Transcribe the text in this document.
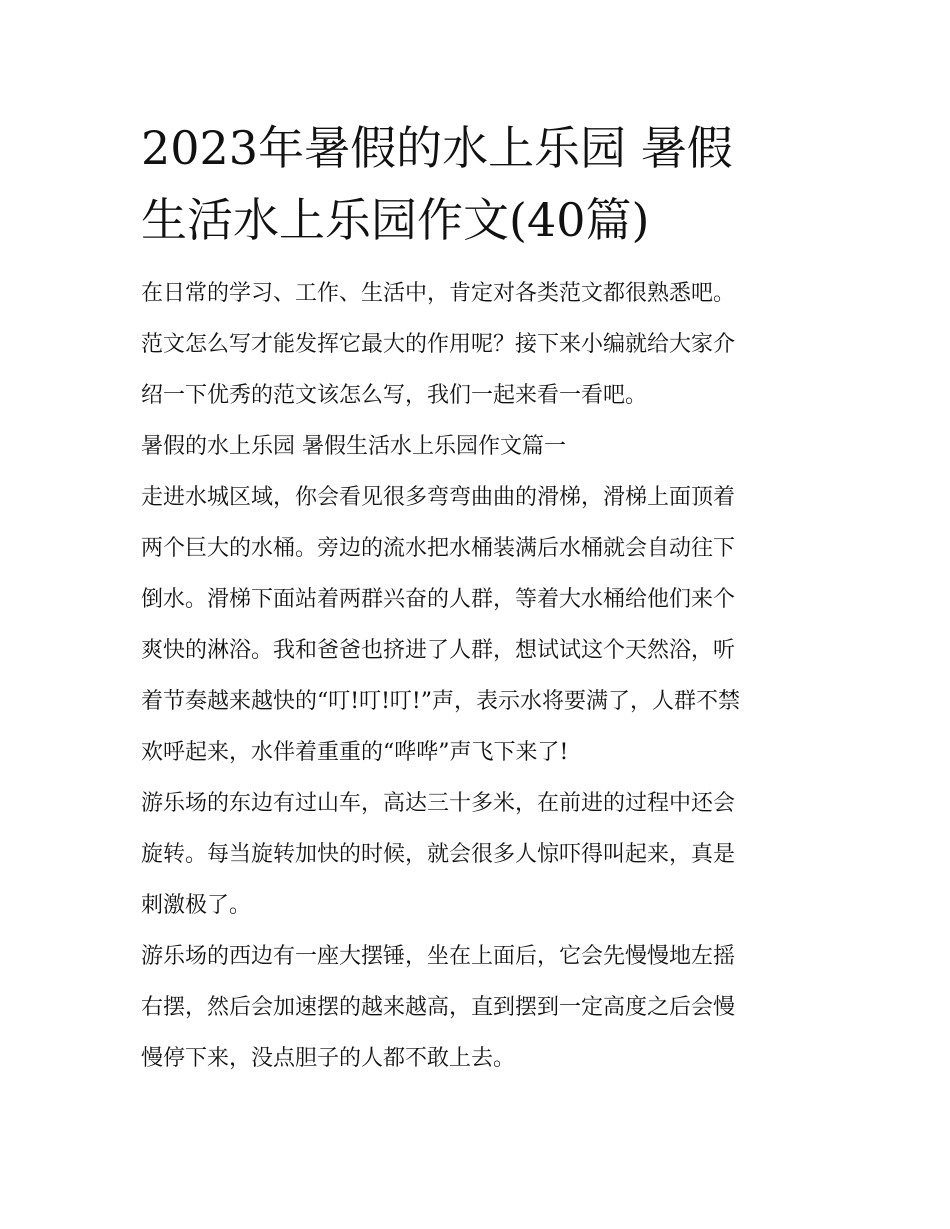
2023年暑假的水上乐园 暑假
生活水上乐园作文(40篇)

在日常的学习、工作、生活中，肯定对各类范文都很熟悉吧。
范文怎么写才能发挥它最大的作用呢？接下来小编就给大家介
绍一下优秀的范文该怎么写，我们一起来看一看吧。

暑假的水上乐园 暑假生活水上乐园作文篇一

走进水城区域，你会看见很多弯弯曲曲的滑梯，滑梯上面顶着
两个巨大的水桶。旁边的流水把水桶装满后水桶就会自动往下
倒水。滑梯下面站着两群兴奋的人群，等着大水桶给他们来个
爽快的淋浴。我和爸爸也挤进了人群，想试试这个天然浴，听
着节奏越来越快的“叮!叮!叮!”声，表示水将要满了，人群不禁
欢呼起来，水伴着重重的“哗哗”声飞下来了!

游乐场的东边有过山车，高达三十多米，在前进的过程中还会
旋转。每当旋转加快的时候，就会很多人惊吓得叫起来，真是
刺激极了。

游乐场的西边有一座大摆锤，坐在上面后，它会先慢慢地左摇
右摆，然后会加速摆的越来越高，直到摆到一定高度之后会慢
慢停下来，没点胆子的人都不敢上去。
